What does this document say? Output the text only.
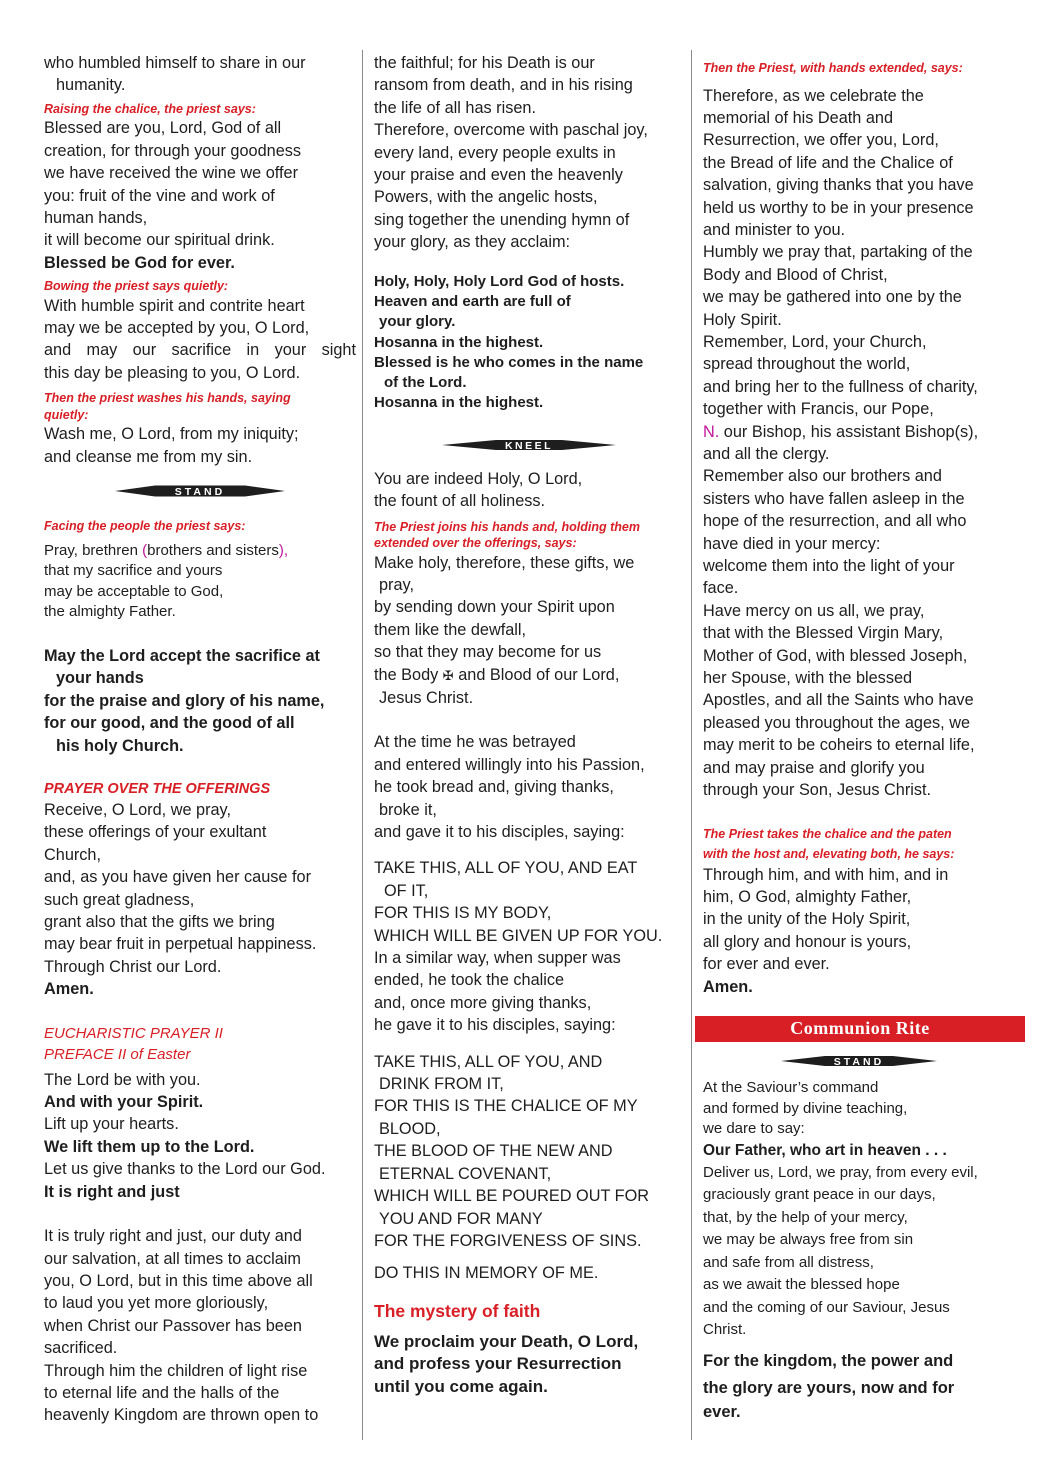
who humbled himself to share in our

humanity.

Raising the chalice, the priest says:

Blessed are you, Lord, God of all

creation, for through your goodness

we have received the wine we offer

you: fruit of the vine and work of

human hands,

it will become our spiritual drink.

Blessed be God for ever.

Bowing the priest says quietly:

With humble spirit and contrite heart

may we be accepted by you, O Lord,

and may our sacrifice in your sight

this day be pleasing to you, O Lord.

Then the priest washes his hands, saying

quietly:

Wash me, O Lord, from my iniquity;

and cleanse me from my sin.

STAND

Facing the people the priest says:

Pray, brethren (brothers and sisters),

that my sacrifice and yours

may be acceptable to God,

the almighty Father.

May the Lord accept the sacrifice at

your hands

for the praise and glory of his name,

for our good, and the good of all

his holy Church.

PRAYER OVER THE OFFERINGS

Receive, O Lord, we pray,

these offerings of your exultant

Church,

and, as you have given her cause for

such great gladness,

grant also that the gifts we bring

may bear fruit in perpetual happiness.

Through Christ our Lord.

Amen.

EUCHARISTIC PRAYER II

PREFACE II of Easter

The Lord be with you.

And with your Spirit.

Lift up your hearts.

We lift them up to the Lord.

Let us give thanks to the Lord our God.

It is right and just

It is truly right and just, our duty and

our salvation, at all times to acclaim

you, O Lord, but in this time above all

to laud you yet more gloriously,

when Christ our Passover has been

sacrificed.

Through him the children of light rise

to eternal life and the halls of the

heavenly Kingdom are thrown open to

the faithful; for his Death is our

ransom from death, and in his rising

the life of all has risen.

Therefore, overcome with paschal joy,

every land, every people exults in

your praise and even the heavenly

Powers, with the angelic hosts,

sing together the unending hymn of

your glory, as they acclaim:

Holy, Holy, Holy Lord God of hosts.

Heaven and earth are full of

your glory.

Hosanna in the highest.

Blessed is he who comes in the name

of the Lord.

Hosanna in the highest.

KNEEL

You are indeed Holy, O Lord,

the fount of all holiness.

The Priest joins his hands and, holding them

extended over the offerings, says:

Make holy, therefore, these gifts, we

pray,

by sending down your Spirit upon

them like the dewfall,

so that they may become for us

the Body ✠ and Blood of our Lord,

Jesus Christ.

At the time he was betrayed

and entered willingly into his Passion,

he took bread and, giving thanks,

broke it,

and gave it to his disciples, saying:

TAKE THIS, ALL OF YOU, AND EAT

OF IT,

FOR THIS IS MY BODY,

WHICH WILL BE GIVEN UP FOR YOU.

In a similar way, when supper was

ended, he took the chalice

and, once more giving thanks,

he gave it to his disciples, saying:

TAKE THIS, ALL OF YOU, AND

DRINK FROM IT,

FOR THIS IS THE CHALICE OF MY

BLOOD,

THE BLOOD OF THE NEW AND

ETERNAL COVENANT,

WHICH WILL BE POURED OUT FOR

YOU AND FOR MANY

FOR THE FORGIVENESS OF SINS.

DO THIS IN MEMORY OF ME.

The mystery of faith

We proclaim your Death, O Lord,

and profess your Resurrection

until you come again.

Then the Priest, with hands extended, says:

Therefore, as we celebrate the

memorial of his Death and

Resurrection, we offer you, Lord,

the Bread of life and the Chalice of

salvation, giving thanks that you have

held us worthy to be in your presence

and minister to you.

Humbly we pray that, partaking of the

Body and Blood of Christ,

we may be gathered into one by the

Holy Spirit.

Remember, Lord, your Church,

spread throughout the world,

and bring her to the fullness of charity,

together with Francis, our Pope,

N. our Bishop, his assistant Bishop(s),

and all the clergy.

Remember also our brothers and

sisters who have fallen asleep in the

hope of the resurrection, and all who

have died in your mercy:

welcome them into the light of your

face.

Have mercy on us all, we pray,

that with the Blessed Virgin Mary,

Mother of God, with blessed Joseph,

her Spouse, with the blessed

Apostles, and all the Saints who have

pleased you throughout the ages, we

may merit to be coheirs to eternal life,

and may praise and glorify you

through your Son, Jesus Christ.

The Priest takes the chalice and the paten

with the host and, elevating both, he says:

Through him, and with him, and in

him, O God, almighty Father,

in the unity of the Holy Spirit,

all glory and honour is yours,

for ever and ever.

Amen.

Communion Rite
STAND

At the Saviour’s command

and formed by divine teaching,

we dare to say:

Our Father, who art in heaven . . .

Deliver us, Lord, we pray, from every evil,

graciously grant peace in our days,

that, by the help of your mercy,

we may be always free from sin

and safe from all distress,

as we await the blessed hope

and the coming of our Saviour, Jesus

Christ.

For the kingdom, the power and

the glory are yours, now and for

ever.
